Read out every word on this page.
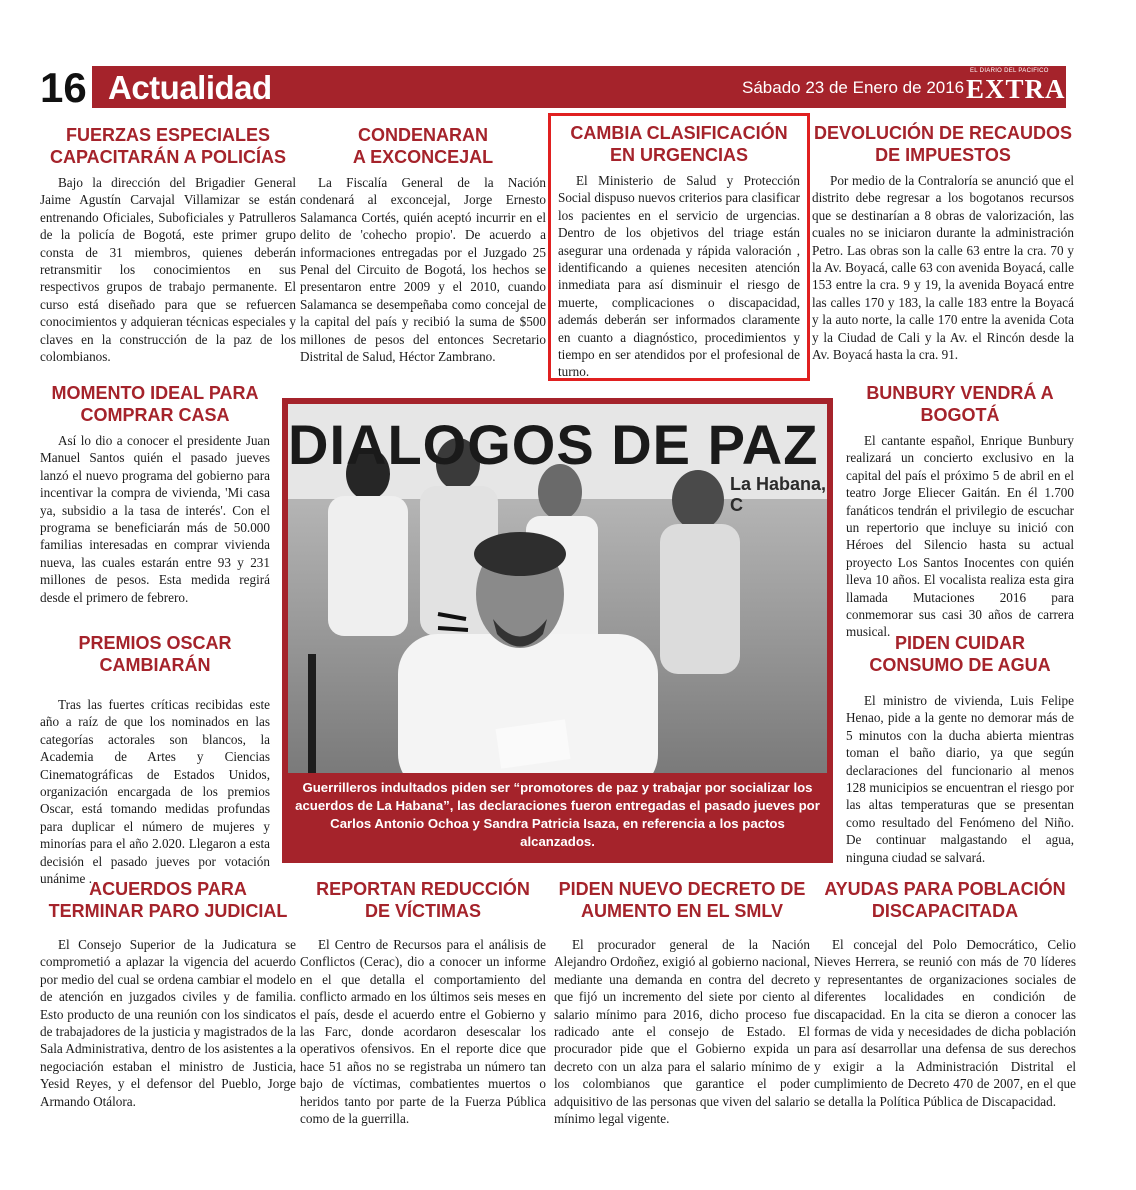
16 Actualidad	Sábado 23 de Enero de 2016
EL DIARIO DEL PACIFICO
EXTRA
FUERZAS ESPECIALES CAPACITARÁN A POLICÍAS

Bajo la dirección del Brigadier General Jaime Agustín Carvajal Villamizar se están entrenando Oficiales, Suboficiales y Patrulleros de la policía de Bogotá, este primer grupo consta de 31 miembros, quienes deberán retransmitir los conocimientos en sus respectivos grupos de trabajo permanente. El curso está diseñado para que se refuercen conocimientos y adquieran técnicas especiales y claves en la construcción de la paz de los colombianos.

CONDENARAN A EXCONCEJAL

La Fiscalía General de la Nación condenará al exconcejal, Jorge Ernesto Salamanca Cortés, quién aceptó incurrir en el delito de 'cohecho propio'. De acuerdo a informaciones entregadas por el Juzgado 25 Penal del Circuito de Bogotá, los hechos se presentaron entre 2009 y el 2010, cuando Salamanca se desempeñaba como concejal de la capital del país y recibió la suma de $500 millones de pesos del entonces Secretario Distrital de Salud, Héctor Zambrano.

CAMBIA CLASIFICACIÓN EN URGENCIAS

El Ministerio de Salud y Protección Social dispuso nuevos criterios para clasificar los pacientes en el servicio de urgencias. Dentro de los objetivos del triage están asegurar una ordenada y rápida valoración , identificando a quienes necesiten atención inmediata para así disminuir el riesgo de muerte, complicaciones o discapacidad, además deberán ser informados claramente en cuanto a diagnóstico, procedimientos y tiempo en ser atendidos por el profesional de turno.

DEVOLUCIÓN DE RECAUDOS DE IMPUESTOS

Por medio de la Contraloría se anunció que el distrito debe regresar a los bogotanos recursos que se destinarían a 8 obras de valorización, las cuales no se iniciaron durante la administración Petro. Las obras son la calle 63 entre la cra. 70 y la Av. Boyacá, calle 63 con avenida Boyacá, calle 153 entre la cra. 9 y 19, la avenida Boyacá entre las calles 170 y 183, la calle 183 entre la Boyacá y la auto norte, la calle 170 entre la avenida Cota y la Ciudad de Cali y la Av. el Rincón desde la Av. Boyacá hasta la cra. 91.

MOMENTO IDEAL PARA COMPRAR CASA

Así lo dio a conocer el presidente Juan Manuel Santos quién el pasado jueves lanzó el nuevo programa del gobierno para incentivar la compra de vivienda, 'Mi casa ya, subsidio a la tasa de interés'. Con el programa se beneficiarán más de 50.000 familias interesadas en comprar vivienda nueva, las cuales estarán entre 93 y 231 millones de pesos. Esta medida regirá desde el primero de febrero.

PREMIOS OSCAR CAMBIARÁN

Tras las fuertes críticas recibidas este año a raíz de que los nominados en las categorías actorales son blancos, la Academia de Artes y Ciencias Cinematográficas de Estados Unidos, organización encargada de los premios Oscar, está tomando medidas profundas para duplicar el número de mujeres y minorías para el año 2.020. Llegaron a esta decisión el pasado jueves por votación unánime .

DIALOGOS DE PAZ
La Habana, C
Guerrilleros indultados piden ser “promotores de paz y trabajar por socializar los acuerdos de La Habana”, las declaraciones fueron entregadas el pasado jueves por Carlos Antonio Ochoa y Sandra Patricia Isaza, en referencia a los pactos alcanzados.
BUNBURY VENDRÁ A BOGOTÁ

El cantante español, Enrique Bunbury realizará un concierto exclusivo en la capital del país el próximo 5 de abril en el teatro Jorge Eliecer Gaitán. En él 1.700 fanáticos tendrán el privilegio de escuchar un repertorio que incluye su inició con Héroes del Silencio hasta su actual proyecto Los Santos Inocentes con quién lleva 10 años. El vocalista realiza esta gira llamada Mutaciones 2016 para conmemorar sus casi 30 años de carrera musical.

PIDEN CUIDAR CONSUMO DE AGUA

El ministro de vivienda, Luis Felipe Henao, pide a la gente no demorar más de 5 minutos con la ducha abierta mientras toman el baño diario, ya que según declaraciones del funcionario al menos 128 municipios se encuentran el riesgo por las altas temperaturas que se presentan como resultado del Fenómeno del Niño. De continuar malgastando el agua, ninguna ciudad se salvará.

ACUERDOS PARA TERMINAR PARO JUDICIAL

El Consejo Superior de la Judicatura se comprometió a aplazar la vigencia del acuerdo por medio del cual se ordena cambiar el modelo de atención en juzgados civiles y de familia. Esto producto de una reunión con los sindicatos de trabajadores de la justicia y magistrados de la Sala Administrativa, dentro de los asistentes a la negociación estaban el ministro de Justicia, Yesid Reyes, y el defensor del Pueblo, Jorge Armando Otálora.

REPORTAN REDUCCIÓN DE VÍCTIMAS

El Centro de Recursos para el análisis de Conflictos (Cerac), dio a conocer un informe en el que detalla el comportamiento del conflicto armado en los últimos seis meses en el país, desde el acuerdo entre el Gobierno y las Farc, donde acordaron desescalar los operativos ofensivos. En el reporte dice que hace 51 años no se registraba un número tan bajo de víctimas, combatientes muertos o heridos tanto por parte de la Fuerza Pública como de la guerrilla.

PIDEN NUEVO DECRETO DE AUMENTO EN EL SMLV

El procurador general de la Nación Alejandro Ordoñez, exigió al gobierno nacional, mediante una demanda en contra del decreto que fijó un incremento del siete por ciento al salario mínimo para 2016, dicho proceso fue radicado ante el consejo de Estado. El procurador pide que el Gobierno expida un decreto con un alza para el salario mínimo de los colombianos que garantice el poder adquisitivo de las personas que viven del salario mínimo legal vigente.

AYUDAS PARA POBLACIÓN DISCAPACITADA

El concejal del Polo Democrático, Celio Nieves Herrera, se reunió con más de 70 líderes y representantes de organizaciones sociales de diferentes localidades en condición de discapacidad. En la cita se dieron a conocer las formas de vida y necesidades de dicha población para así desarrollar una defensa de sus derechos y exigir a la Administración Distrital el cumplimiento de Decreto 470 de 2007, en el que se detalla la Política Pública de Discapacidad.
